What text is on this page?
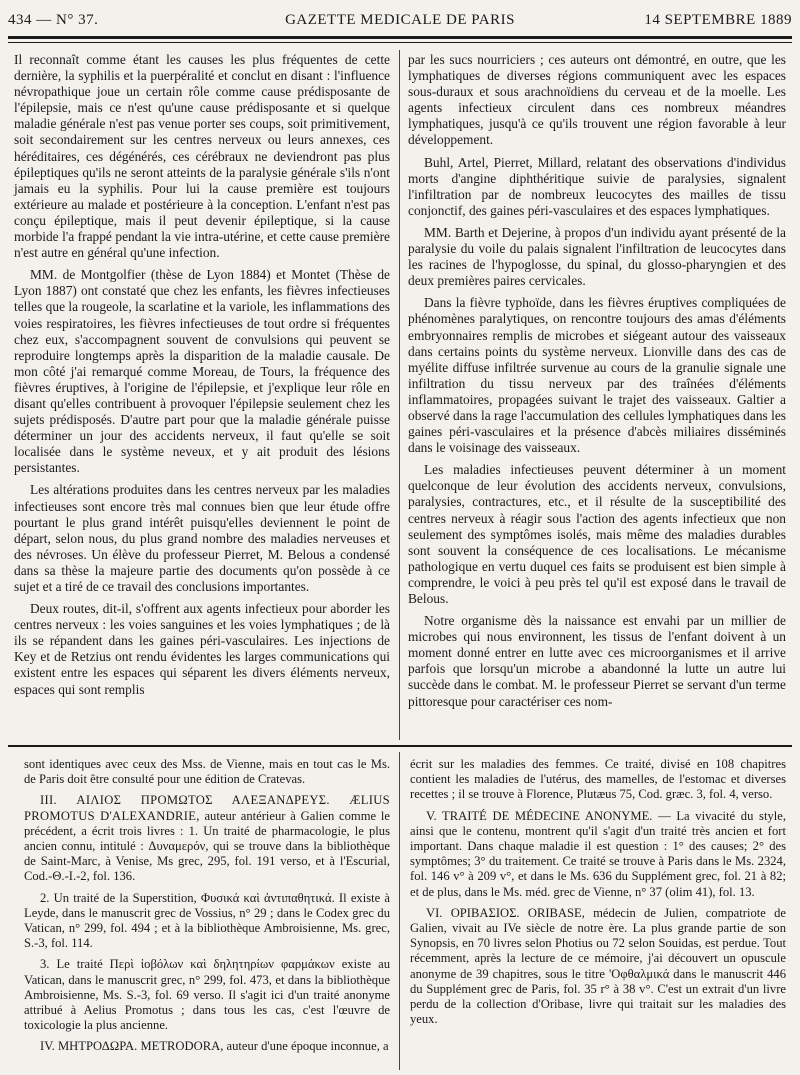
434 — N° 37.	GAZETTE MEDICALE DE PARIS	14 SEPTEMBRE 1889

Il reconnaît comme étant les causes les plus fréquentes de cette dernière, la syphilis et la puerpéralité et conclut en disant : l'influence névropathique joue un certain rôle comme cause prédisposante de l'épilepsie, mais ce n'est qu'une cause prédisposante et si quelque maladie générale n'est pas venue porter ses coups, soit primitivement, soit secondairement sur les centres nerveux ou leurs annexes, ces héréditaires, ces dégénérés, ces cérébraux ne deviendront pas plus épileptiques qu'ils ne seront atteints de la paralysie générale s'ils n'ont jamais eu la syphilis. Pour lui la cause première est toujours extérieure au malade et postérieure à la conception. L'enfant n'est pas conçu épileptique, mais il peut devenir épileptique, si la cause morbide l'a frappé pendant la vie intra-utérine, et cette cause première n'est autre en général qu'une infection.

MM. de Montgolfier (thèse de Lyon 1884) et Montet (Thèse de Lyon 1887) ont constaté que chez les enfants, les fièvres infectieuses telles que la rougeole, la scarlatine et la variole, les inflammations des voies respiratoires, les fièvres infectieuses de tout ordre si fréquentes chez eux, s'accompagnent souvent de convulsions qui peuvent se reproduire longtemps après la disparition de la maladie causale. De mon côté j'ai remarqué comme Moreau, de Tours, la fréquence des fièvres éruptives, à l'origine de l'épilepsie, et j'explique leur rôle en disant qu'elles contribuent à provoquer l'épilepsie seulement chez les sujets prédisposés. D'autre part pour que la maladie générale puisse déterminer un jour des accidents nerveux, il faut qu'elle se soit localisée dans le système neveux, et y ait produit des lésions persistantes.

Les altérations produites dans les centres nerveux par les maladies infectieuses sont encore très mal connues bien que leur étude offre pourtant le plus grand intérêt puisqu'elles deviennent le point de départ, selon nous, du plus grand nombre des maladies nerveuses et des névroses. Un élève du professeur Pierret, M. Belous a condensé dans sa thèse la majeure partie des documents qu'on possède à ce sujet et a tiré de ce travail des conclusions importantes.

Deux routes, dit-il, s'offrent aux agents infectieux pour aborder les centres nerveux : les voies sanguines et les voies lymphatiques ; de là ils se répandent dans les gaines péri-vasculaires. Les injections de Key et de Retzius ont rendu évidentes les larges communications qui existent entre les espaces qui séparent les divers éléments nerveux, espaces qui sont remplis

par les sucs nourriciers ; ces auteurs ont démontré, en outre, que les lymphatiques de diverses régions communiquent avec les espaces sous-duraux et sous arachnoïdiens du cerveau et de la moelle. Les agents infectieux circulent dans ces nombreux méandres lymphatiques, jusqu'à ce qu'ils trouvent une région favorable à leur développement.

Buhl, Artel, Pierret, Millard, relatant des observations d'individus morts d'angine diphthéritique suivie de paralysies, signalent l'infiltration par de nombreux leucocytes des mailles de tissu conjonctif, des gaines péri-vasculaires et des espaces lymphatiques.

MM. Barth et Dejerine, à propos d'un individu ayant présenté de la paralysie du voile du palais signalent l'infiltration de leucocytes dans les racines de l'hypoglosse, du spinal, du glosso-pharyngien et des deux premières paires cervicales.

Dans la fièvre typhoïde, dans les fièvres éruptives compliquées de phénomènes paralytiques, on rencontre toujours des amas d'éléments embryonnaires remplis de microbes et siégeant autour des vaisseaux dans certains points du système nerveux. Lionville dans des cas de myélite diffuse infiltrée survenue au cours de la granulie signale une infiltration du tissu nerveux par des traînées d'éléments inflammatoires, propagées suivant le trajet des vaisseaux. Galtier a observé dans la rage l'accumulation des cellules lymphatiques dans les gaines péri-vasculaires et la présence d'abcès miliaires disséminés dans le voisinage des vaisseaux.

Les maladies infectieuses peuvent déterminer à un moment quelconque de leur évolution des accidents nerveux, convulsions, paralysies, contractures, etc., et il résulte de la susceptibilité des centres nerveux à réagir sous l'action des agents infectieux que non seulement des symptômes isolés, mais même des maladies durables sont souvent la conséquence de ces localisations. Le mécanisme pathologique en vertu duquel ces faits se produisent est bien simple à comprendre, le voici à peu près tel qu'il est exposé dans le travail de Belous.

Notre organisme dès la naissance est envahi par un millier de microbes qui nous environnent, les tissus de l'enfant doivent à un moment donné entrer en lutte avec ces microorganismes et il arrive parfois que lorsqu'un microbe a abandonné la lutte un autre lui succède dans le combat. M. le professeur Pierret se servant d'un terme pittoresque pour caractériser ces nom-

sont identiques avec ceux des Mss. de Vienne, mais en tout cas le Ms. de Paris doit être consulté pour une édition de Cratevas.

III. ΑΙΛΙΟΣ ΠΡΟΜΩΤΟΣ ΑΛΕΞΑΝΔΡΕΥΣ. ÆLIUS PROMOTUS D'ALEXANDRIE, auteur antérieur à Galien comme le précédent, a écrit trois livres : 1. Un traité de pharmacologie, le plus ancien connu, intitulé : Δυναμερόν, qui se trouve dans la bibliothèque de Saint-Marc, à Venise, Ms grec, 295, fol. 191 verso, et à l'Escurial, Cod.-Θ.-I.-2, fol. 136.

2. Un traité de la Superstition, Φυσικά καὶ ἀντιπαθητικά. Il existe à Leyde, dans le manuscrit grec de Vossius, n° 29 ; dans le Codex grec du Vatican, n° 299, fol. 494 ; et à la bibliothèque Ambroisienne, Ms. grec, S.-3, fol. 114.

3. Le traité Περὶ ἰοβόλων καὶ δηλητηρίων φαρμάκων existe au Vatican, dans le manuscrit grec, n° 299, fol. 473, et dans la bibliothèque Ambroisienne, Ms. S.-3, fol. 69 verso. Il s'agit ici d'un traité anonyme attribué à Aelius Promotus ; dans tous les cas, c'est l'œuvre de toxicologie la plus ancienne.

IV. ΜΗΤΡΟΔΩΡΑ. METRODORA, auteur d'une époque inconnue, a

écrit sur les maladies des femmes. Ce traité, divisé en 108 chapitres contient les maladies de l'utérus, des mamelles, de l'estomac et diverses recettes ; il se trouve à Florence, Plutæus 75, Cod. græc. 3, fol. 4, verso.

V. TRAITÉ DE MÉDECINE ANONYME. — La vivacité du style, ainsi que le contenu, montrent qu'il s'agit d'un traité très ancien et fort important. Dans chaque maladie il est question : 1° des causes; 2° des symptômes; 3° du traitement. Ce traité se trouve à Paris dans le Ms. 2324, fol. 146 v° à 209 v°, et dans le Ms. 636 du Supplément grec, fol. 21 à 82; et de plus, dans le Ms. méd. grec de Vienne, n° 37 (olim 41), fol. 13.

VI. ΟΡΙΒΑΣΙΟΣ. ORIBASE, médecin de Julien, compatriote de Galien, vivait au IVe siècle de notre ère. La plus grande partie de son Synopsis, en 70 livres selon Photius ou 72 selon Souidas, est perdue. Tout récemment, après la lecture de ce mémoire, j'ai découvert un opuscule anonyme de 39 chapitres, sous le titre 'Οφθαλμικά dans le manuscrit 446 du Supplément grec de Paris, fol. 35 r° à 38 v°. C'est un extrait d'un livre perdu de la collection d'Oribase, livre qui traitait sur les maladies des yeux.
